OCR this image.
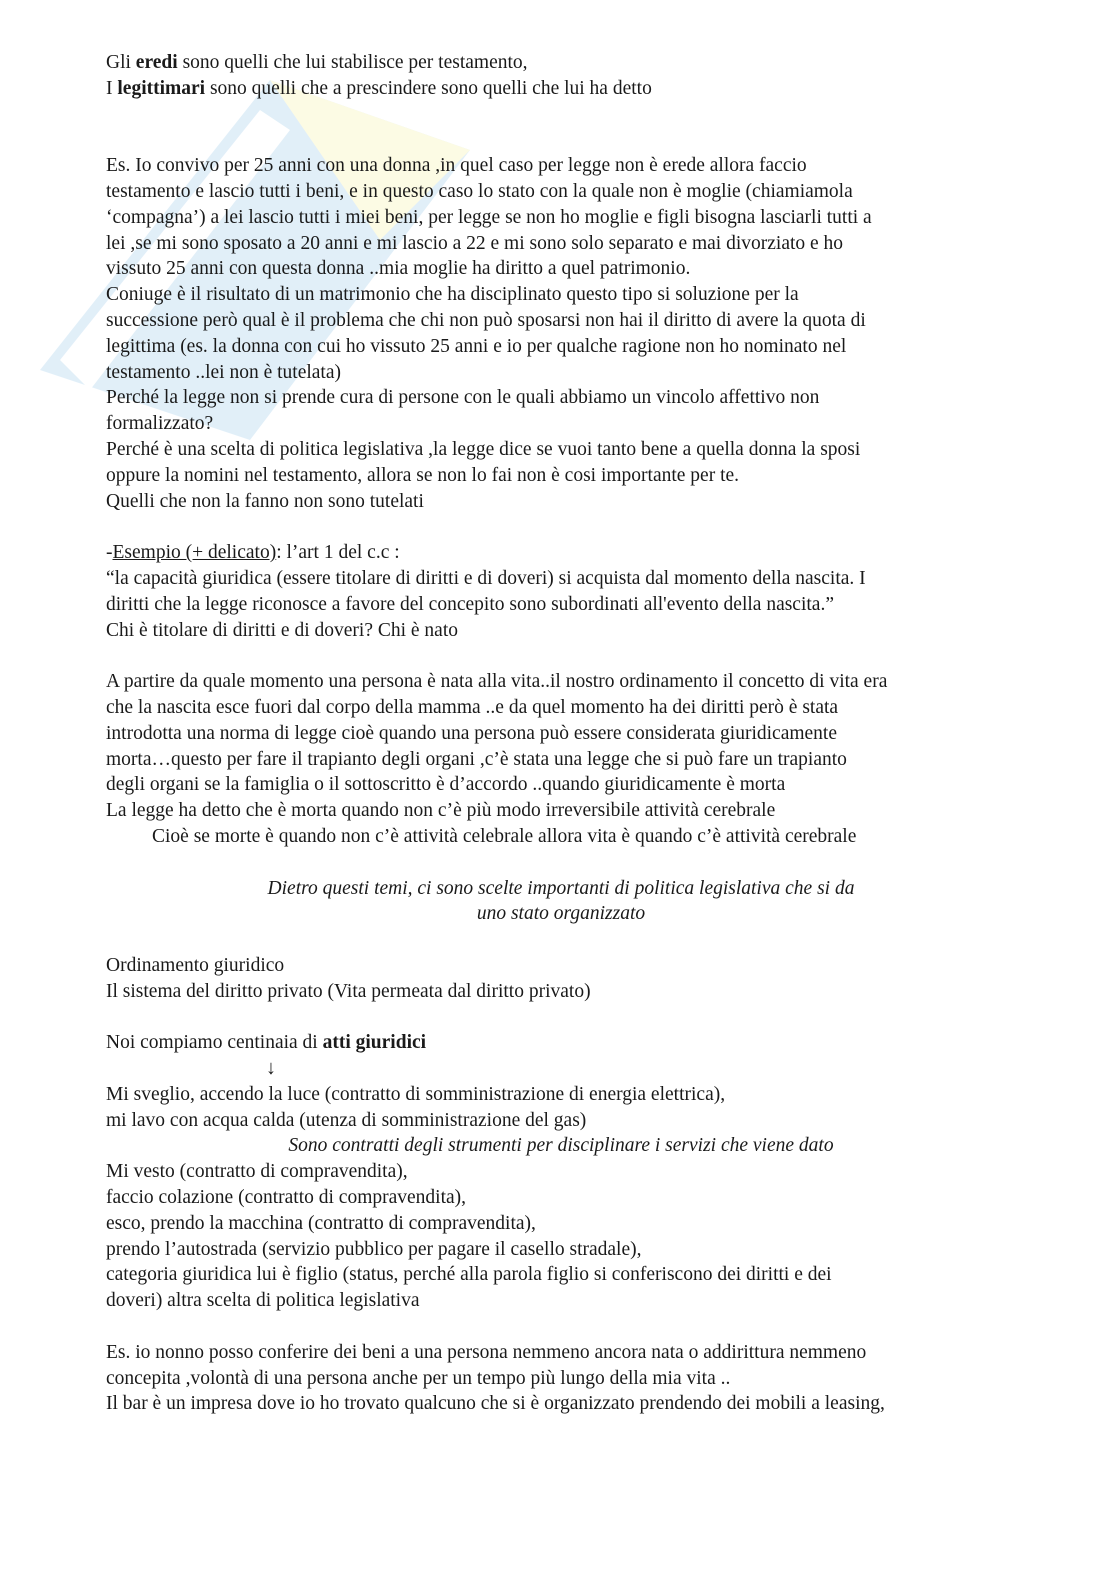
Gli eredi sono quelli che lui stabilisce per testamento,

I legittimari sono quelli che a prescindere sono quelli che lui ha detto

Es. Io convivo per 25 anni con una donna ,in quel caso per legge non è erede allora faccio

testamento e lascio tutti i beni, e in questo caso lo stato con la quale non è moglie (chiamiamola

‘compagna’) a lei lascio tutti i miei beni, per legge se non ho moglie e figli bisogna lasciarli tutti a

lei ,se mi sono sposato a 20 anni e mi lascio a 22 e mi sono solo separato e mai divorziato e ho

vissuto 25 anni con questa donna ..mia moglie ha diritto a quel patrimonio.

Coniuge è il risultato di un matrimonio che ha disciplinato questo tipo si soluzione per la

successione però qual è il problema che chi non può sposarsi non hai il diritto di avere la quota di

legittima (es. la donna con cui ho vissuto 25 anni e io per qualche ragione non ho nominato nel

testamento ..lei non è tutelata)

Perché la legge non si prende cura di persone con le quali abbiamo un vincolo affettivo non

formalizzato?

Perché è una scelta di politica legislativa ,la legge dice se vuoi tanto bene a quella donna la sposi

oppure la nomini nel testamento, allora se non lo fai non è cosi importante per te.

Quelli che non la fanno non sono tutelati

-Esempio (+ delicato): l’art 1 del c.c :

“la capacità giuridica (essere titolare di diritti e di doveri) si acquista dal momento della nascita. I

diritti che la legge riconosce a favore del concepito sono subordinati all'evento della nascita.”

Chi è titolare di diritti e di doveri? Chi è nato

A partire da quale momento una persona è nata alla vita..il nostro ordinamento il concetto di vita era

che la nascita esce fuori dal corpo della mamma ..e da quel momento ha dei diritti però è stata

introdotta una norma di legge cioè quando una persona può essere considerata giuridicamente

morta…questo per fare il trapianto degli organi ,c’è stata una legge che si può fare un trapianto

degli organi se la famiglia o il sottoscritto è d’accordo ..quando giuridicamente è morta

La legge ha detto che è morta quando non c’è più modo irreversibile attività cerebrale

Cioè se morte è quando non c’è attività celebrale allora vita è quando c’è attività cerebrale

Dietro questi temi, ci sono scelte importanti di politica legislativa che si da

uno stato organizzato

Ordinamento giuridico

Il sistema del diritto privato (Vita permeata dal diritto privato)

Noi compiamo centinaia di atti giuridici

↓

Mi sveglio, accendo la luce (contratto di somministrazione di energia elettrica),

mi lavo con acqua calda (utenza di somministrazione del gas)

Sono contratti degli strumenti per disciplinare i servizi che viene dato

Mi vesto (contratto di compravendita),

faccio colazione (contratto di compravendita),

esco, prendo la macchina (contratto di compravendita),

prendo l’autostrada (servizio pubblico per pagare il casello stradale),

categoria giuridica lui è figlio (status, perché alla parola figlio si conferiscono dei diritti e dei

doveri) altra scelta di politica legislativa

Es. io nonno posso conferire dei beni a una persona nemmeno ancora nata o addirittura nemmeno

concepita ,volontà di una persona anche per un tempo più lungo della mia vita ..

Il bar è un impresa dove io ho trovato qualcuno che si è organizzato prendendo dei mobili a leasing,
